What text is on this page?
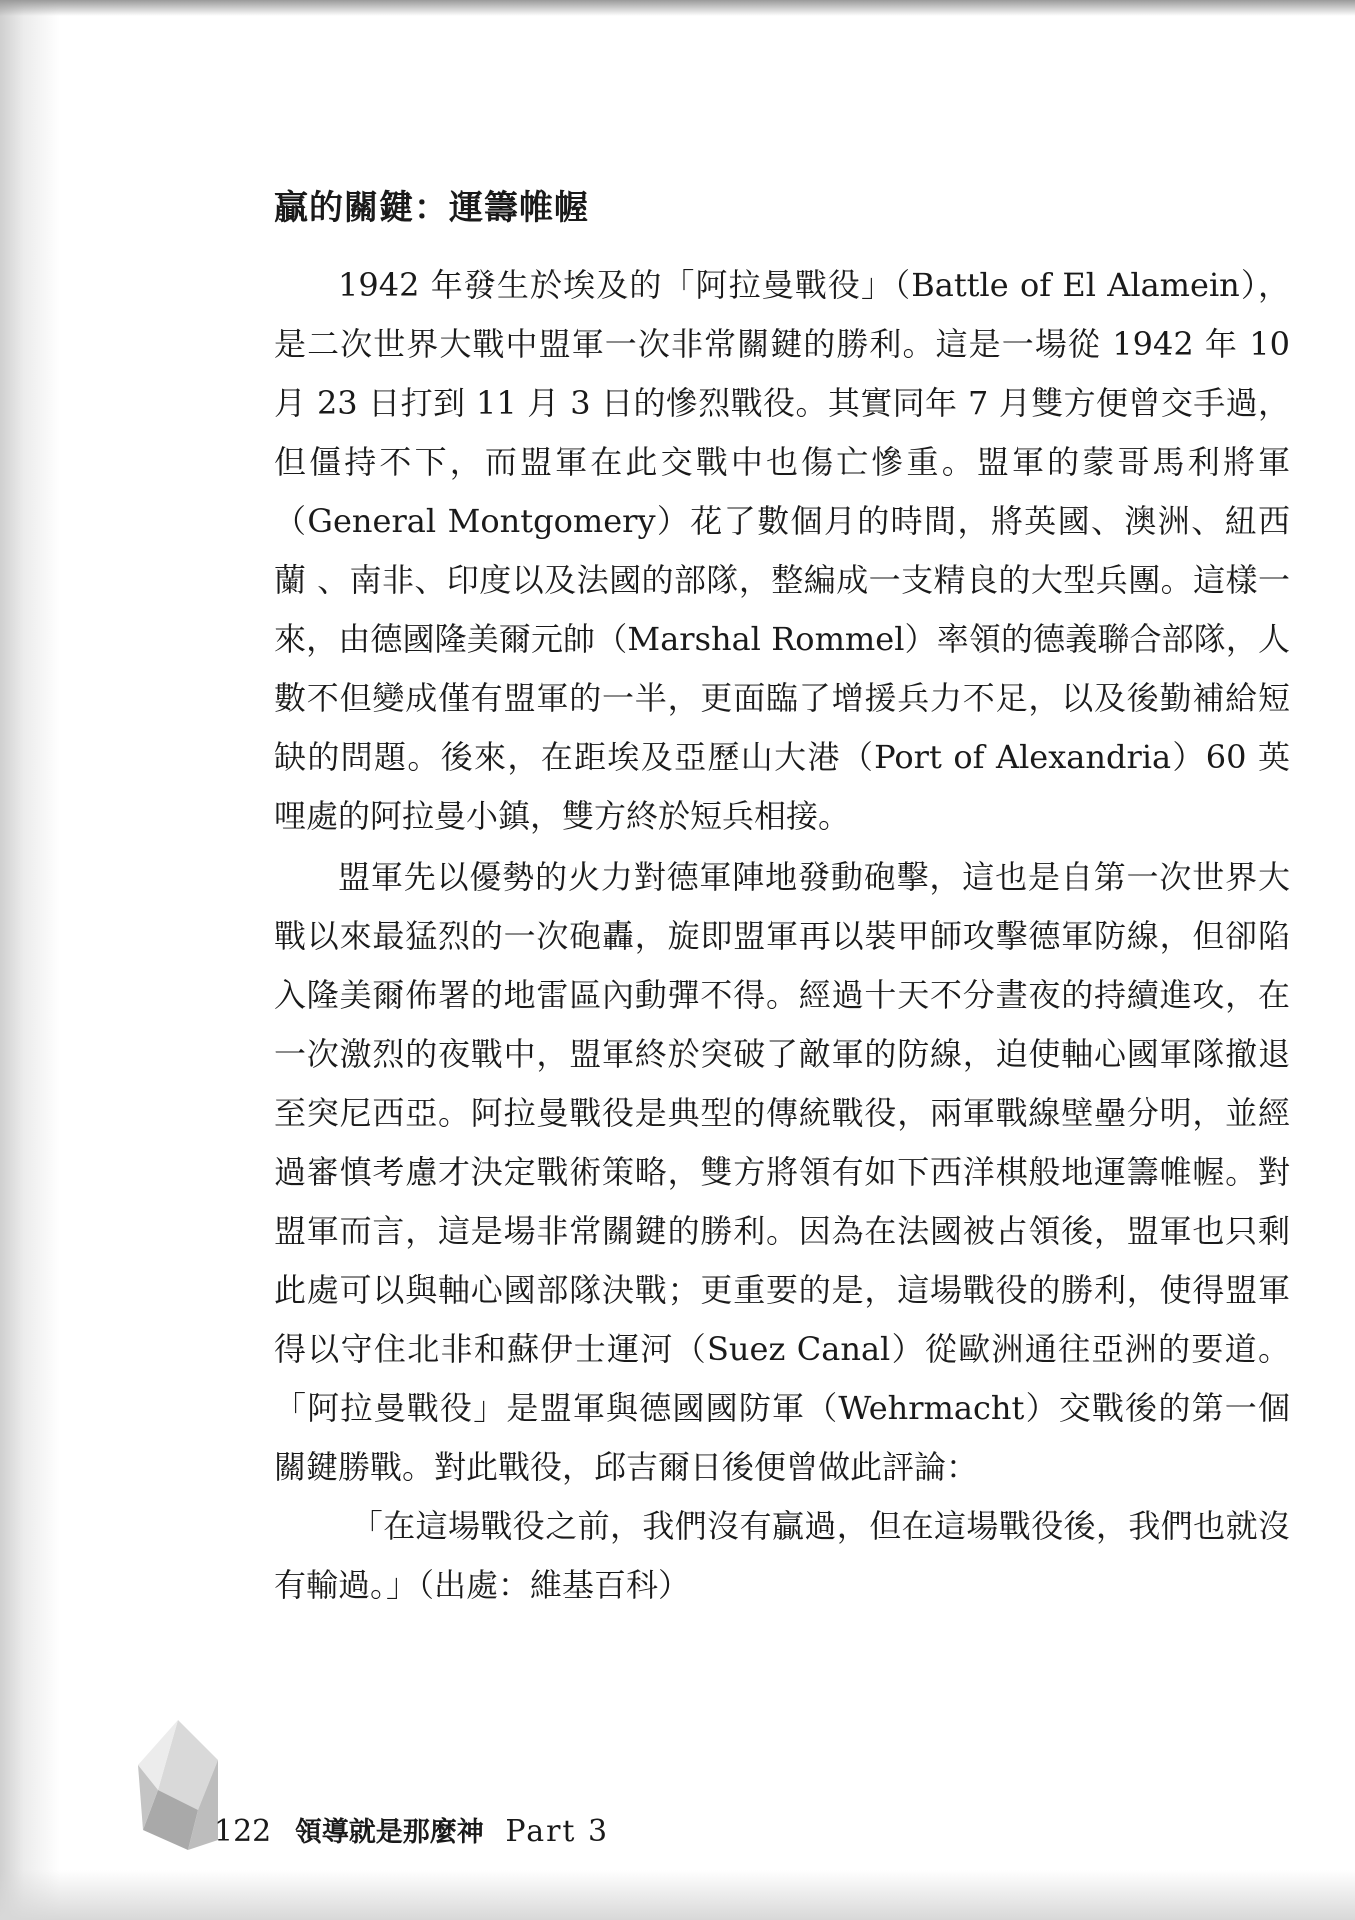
贏的關鍵：運籌帷幄

1942 年發生於埃及的「阿拉曼戰役」（Battle of El Alamein），是二次世界大戰中盟軍一次非常關鍵的勝利。這是一場從 1942 年 10 月 23 日打到 11 月 3 日的慘烈戰役。其實同年 7 月雙方便曾交手過，但僵持不下，而盟軍在此交戰中也傷亡慘重。盟軍的蒙哥馬利將軍（General Montgomery）花了數個月的時間，將英國、澳洲、紐西蘭 、南非、印度以及法國的部隊，整編成一支精良的大型兵團。這樣一來，由德國隆美爾元帥（Marshal Rommel）率領的德義聯合部隊，人數不但變成僅有盟軍的一半，更面臨了增援兵力不足，以及後勤補給短缺的問題。後來，在距埃及亞歷山大港（Port of Alexandria）60 英哩處的阿拉曼小鎮，雙方終於短兵相接。

盟軍先以優勢的火力對德軍陣地發動砲擊，這也是自第一次世界大戰以來最猛烈的一次砲轟，旋即盟軍再以裝甲師攻擊德軍防線，但卻陷入隆美爾佈署的地雷區內動彈不得。經過十天不分晝夜的持續進攻，在一次激烈的夜戰中，盟軍終於突破了敵軍的防線，迫使軸心國軍隊撤退至突尼西亞。阿拉曼戰役是典型的傳統戰役，兩軍戰線壁壘分明，並經過審慎考慮才決定戰術策略，雙方將領有如下西洋棋般地運籌帷幄。對盟軍而言，這是場非常關鍵的勝利。因為在法國被占領後，盟軍也只剩此處可以與軸心國部隊決戰；更重要的是，這場戰役的勝利，使得盟軍得以守住北非和蘇伊士運河（Suez Canal）從歐洲通往亞洲的要道。「阿拉曼戰役」是盟軍與德國國防軍（Wehrmacht）交戰後的第一個關鍵勝戰。對此戰役，邱吉爾日後便曾做此評論：

「在這場戰役之前，我們沒有贏過，但在這場戰役後，我們也就沒有輸過。」（出處：維基百科）

122 領導就是那麼神 Part 3
